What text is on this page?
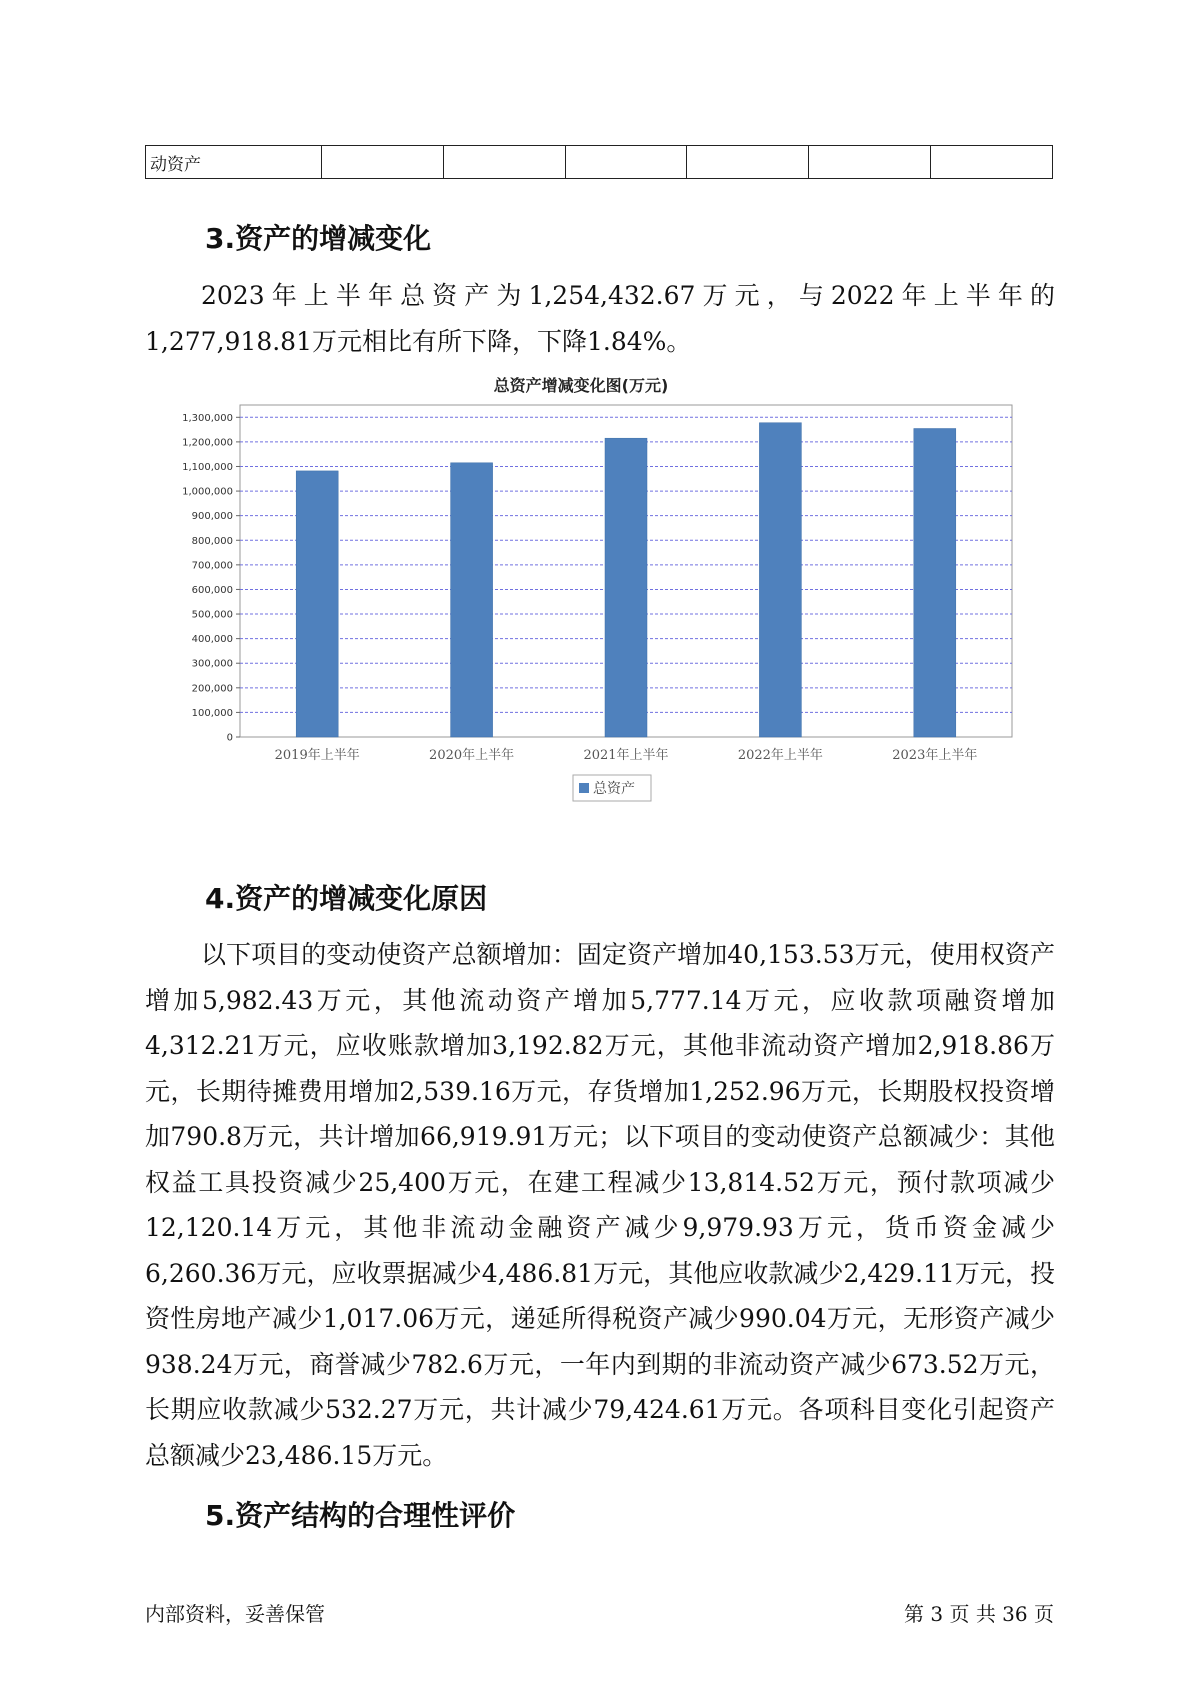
动资产						
3.资产的增减变化

2023年上半年总资产为1,254,432.67万元，与2022年上半年的1,277,918.81万元相比有所下降，下降1.84%。

总资产增减变化图(万元)
0
100,000
200,000
300,000
400,000
500,000
600,000
700,000
800,000
900,000
1,000,000
1,100,000
1,200,000
1,300,000
2019年上半年	2020年上半年	2021年上半年	2022年上半年	2023年上半年
总资产
4.资产的增减变化原因

以下项目的变动使资产总额增加：固定资产增加40,153.53万元，使用权资产增加5,982.43万元，其他流动资产增加5,777.14万元，应收款项融资增加4,312.21万元，应收账款增加3,192.82万元，其他非流动资产增加2,918.86万元，长期待摊费用增加2,539.16万元，存货增加1,252.96万元，长期股权投资增加790.8万元，共计增加66,919.91万元；以下项目的变动使资产总额减少：其他权益工具投资减少25,400万元，在建工程减少13,814.52万元，预付款项减少12,120.14万元，其他非流动金融资产减少9,979.93万元，货币资金减少6,260.36万元，应收票据减少4,486.81万元，其他应收款减少2,429.11万元，投资性房地产减少1,017.06万元，递延所得税资产减少990.04万元，无形资产减少938.24万元，商誉减少782.6万元，一年内到期的非流动资产减少673.52万元，长期应收款减少532.27万元，共计减少79,424.61万元。各项科目变化引起资产总额减少23,486.15万元。

5.资产结构的合理性评价

内部资料，妥善保管	第 3 页 共 36 页
